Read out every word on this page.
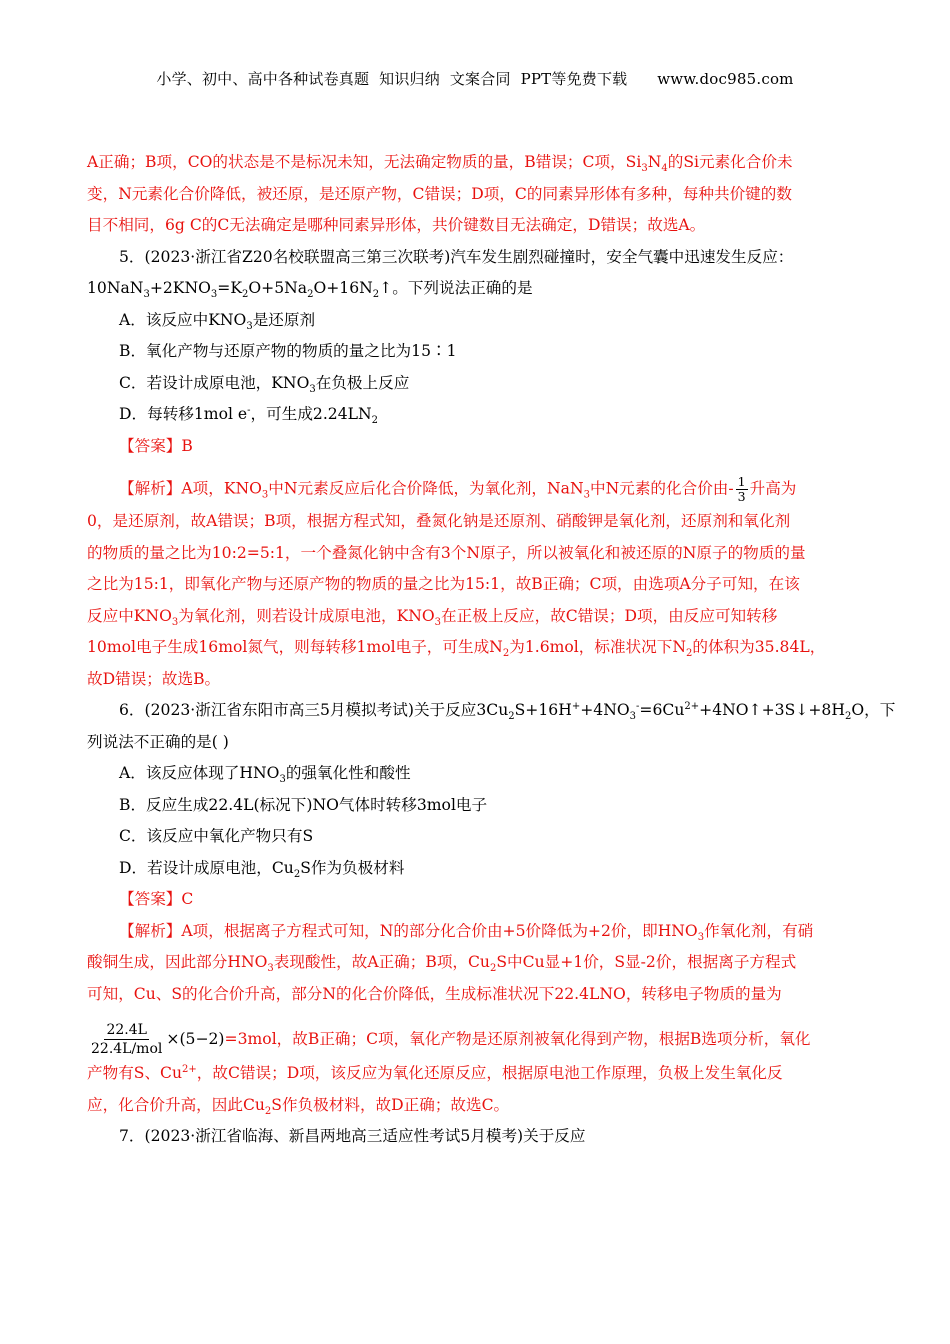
小学、初中、高中各种试卷真题  知识归纳  文案合同  PPT等免费下载 www.doc985.com
A正确；B项，CO的状态是不是标况未知，无法确定物质的量，B错误；C项，$Si_3N_4$的Si元素化合价未
变，N元素化合价降低，被还原，是还原产物，C错误；D项，C的同素异形体有多种，每种共价键的数
目不相同，6g C的C无法确定是哪种同素异形体，共价键数目无法确定，D错误；故选A。
5．(2023·浙江省Z20名校联盟高三第三次联考)汽车发生剧烈碰撞时，安全气囊中迅速发生反应：
$10NaN_3+2KNO_3=K_2O+5Na_2O+16N_2↑$。下列说法正确的是
A．该反应中$KNO_3$是还原剂
B．氧化产物与还原产物的物质的量之比为15∶1
C．若设计成原电池，$KNO_3$在负极上反应
D．每转移1mol e-，可生成$2.24LN_2$
【答案】B
【解析】A项，$KNO_3$中N元素反应后化合价降低，为氧化剂，NaN$_3$中N元素的化合价由- $\frac{1}{3}$ 升高为
0，是还原剂，故A错误；B项，根据方程式知，叠氮化钠是还原剂、硝酸钾是氧化剂，还原剂和氧化剂
的物质的量之比为10:2=5:1，一个叠氮化钠中含有3个N原子，所以被氧化和被还原的N原子的物质的量
之比为15:1，即氧化产物与还原产物的物质的量之比为15:1，故B正确；C项，由选项A分子可知，在该
反应中$KNO_3$为氧化剂，则若设计成原电池，$KNO_3$在正极上反应，故C错误；D项，由反应可知转移
10mol电子生成16mol氮气，则每转移1mol电子，可生成$N_2$为1.6mol，标准状况下$N_2$的体积为35.84L，
故D错误；故选B。
6．(2023·浙江省东阳市高三5月模拟考试)关于反应$3Cu_2S+16H^++4NO_3^-=6Cu^{2+}+4NO↑+3S↓+8H_2O$，下
列说法不正确的是( )
A．该反应体现了$HNO_3$的强氧化性和酸性
B．反应生成22.4L(标况下)NO气体时转移3mol电子
C．该反应中氧化产物只有S
D．若设计成原电池，$Cu_2S$作为负极材料
【答案】C
【解析】A项，根据离子方程式可知，N的部分化合价由+5价降低为+2价，即$HNO_3$作氧化剂，有硝
酸铜生成，因此部分$HNO_3$表现酸性，故A正确；B项，$Cu_2S$中Cu显+1价，S显-2价，根据离子方程式
可知，Cu、S的化合价升高，部分N的化合价降低，生成标准状况下22.4LNO，转移电子物质的量为
$\frac{22.4L}{\text{22.4L/mol}} \times(5-2) =3mol$，故B正确；C项，氧化产物是还原剂被氧化得到产物，根据B选项分析，氧化
产物有S、$Cu^{2+}$，故C错误；D项，该反应为氧化还原反应，根据原电池工作原理，负极上发生氧化反
应，化合价升高，因此$Cu_2S$作负极材料，故D正确；故选C。
7．(2023·浙江省临海、新昌两地高三适应性考试5月模考)关于反应
